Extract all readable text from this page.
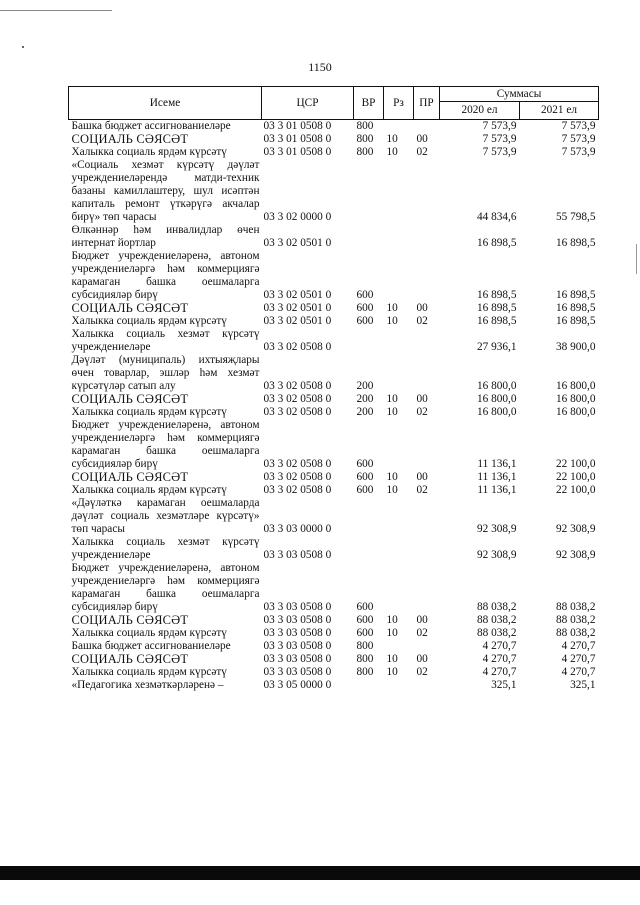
1150
Исеме	ЦСР	ВР	Рз	ПР	Суммасы	
					2020 ел	2021 ел
Башка бюджет ассигнованиеләре	03 3 01 0508 0	800			7 573,9	7 573,9
СОЦИАЛЬ СӘЯСӘТ	03 3 01 0508 0	800	10	00	7 573,9	7 573,9
Халыкка социаль ярдәм күрсәтү	03 3 01 0508 0	800	10	02	7 573,9	7 573,9
«Социаль хезмәт күрсәтү дәүләт учреждениеләрендә матди-техник базаны камиллаштеру, шул исәптән капиталь ремонт үткәрүгә акчалар бирү» төп чарасы	03 3 02 0000 0				44 834,6	55 798,5
Өлкәннәр һәм инвалидлар өчен интернат йортлар	03 3 02 0501 0				16 898,5	16 898,5
Бюджет учреждениеләренә, автоном учреждениеләргә һәм коммерциягә карамаган башка оешмаларга субсидияләр бирү	03 3 02 0501 0	600			16 898,5	16 898,5
СОЦИАЛЬ СӘЯСӘТ	03 3 02 0501 0	600	10	00	16 898,5	16 898,5
Халыкка социаль ярдәм күрсәтү	03 3 02 0501 0	600	10	02	16 898,5	16 898,5
Халыкка социаль хезмәт күрсәтү учреждениеләре	03 3 02 0508 0				27 936,1	38 900,0
Дәүләт (муниципаль) ихтыяҗлары өчен товарлар, эшләр һәм хезмәт күрсәтүләр сатып алу	03 3 02 0508 0	200			16 800,0	16 800,0
СОЦИАЛЬ СӘЯСӘТ	03 3 02 0508 0	200	10	00	16 800,0	16 800,0
Халыкка социаль ярдәм күрсәтү	03 3 02 0508 0	200	10	02	16 800,0	16 800,0
Бюджет учреждениеләренә, автоном учреждениеләргә һәм коммерциягә карамаган башка оешмаларга субсидияләр бирү	03 3 02 0508 0	600			11 136,1	22 100,0
СОЦИАЛЬ СӘЯСӘТ	03 3 02 0508 0	600	10	00	11 136,1	22 100,0
Халыкка социаль ярдәм күрсәтү	03 3 02 0508 0	600	10	02	11 136,1	22 100,0
«Дәүләткә карамаган оешмаларда дәүләт социаль хезмәтләре күрсәтү» төп чарасы	03 3 03 0000 0				92 308,9	92 308,9
Халыкка социаль хезмәт күрсәтү учреждениеләре	03 3 03 0508 0				92 308,9	92 308,9
Бюджет учреждениеләренә, автоном учреждениеләргә һәм коммерциягә карамаган башка оешмаларга субсидияләр бирү	03 3 03 0508 0	600			88 038,2	88 038,2
СОЦИАЛЬ СӘЯСӘТ	03 3 03 0508 0	600	10	00	88 038,2	88 038,2
Халыкка социаль ярдәм күрсәтү	03 3 03 0508 0	600	10	02	88 038,2	88 038,2
Башка бюджет ассигнованиеләре	03 3 03 0508 0	800			4 270,7	4 270,7
СОЦИАЛЬ СӘЯСӘТ	03 3 03 0508 0	800	10	00	4 270,7	4 270,7
Халыкка социаль ярдәм күрсәтү	03 3 03 0508 0	800	10	02	4 270,7	4 270,7
«Педагогика хезмәткәрләренә –	03 3 05 0000 0				325,1	325,1
